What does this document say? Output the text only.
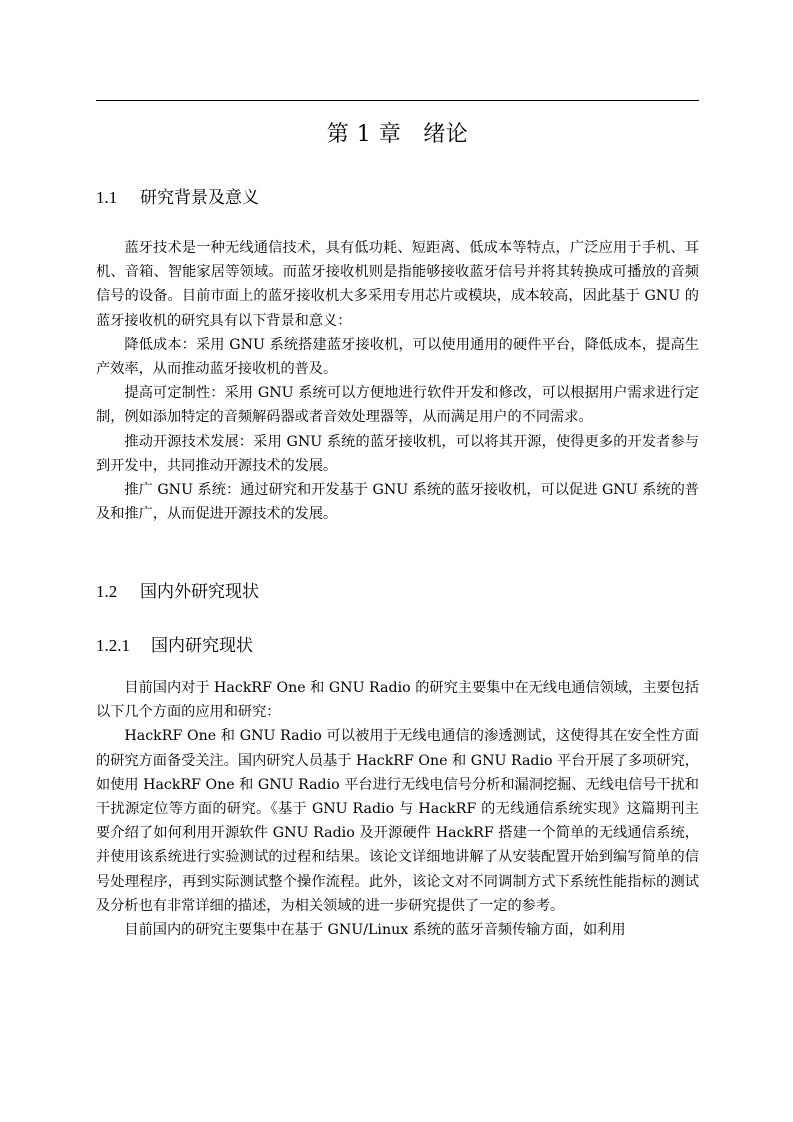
第 1 章 绪论
1.1 研究背景及意义

蓝牙技术是一种无线通信技术，具有低功耗、短距离、低成本等特点，广泛应用于手机、耳机、音箱、智能家居等领域。而蓝牙接收机则是指能够接收蓝牙信号并将其转换成可播放的音频信号的设备。目前市面上的蓝牙接收机大多采用专用芯片或模块，成本较高，因此基于 GNU 的蓝牙接收机的研究具有以下背景和意义：

降低成本：采用 GNU 系统搭建蓝牙接收机，可以使用通用的硬件平台，降低成本，提高生产效率，从而推动蓝牙接收机的普及。

提高可定制性：采用 GNU 系统可以方便地进行软件开发和修改，可以根据用户需求进行定制，例如添加特定的音频解码器或者音效处理器等，从而满足用户的不同需求。

推动开源技术发展：采用 GNU 系统的蓝牙接收机，可以将其开源，使得更多的开发者参与到开发中，共同推动开源技术的发展。

推广 GNU 系统：通过研究和开发基于 GNU 系统的蓝牙接收机，可以促进 GNU 系统的普及和推广，从而促进开源技术的发展。

1.2 国内外研究现状
1.2.1 国内研究现状

目前国内对于 HackRF One 和 GNU Radio 的研究主要集中在无线电通信领域，主要包括以下几个方面的应用和研究：

HackRF One 和 GNU Radio 可以被用于无线电通信的渗透测试，这使得其在安全性方面的研究方面备受关注。国内研究人员基于 HackRF One 和 GNU Radio 平台开展了多项研究，如使用 HackRF One 和 GNU Radio 平台进行无线电信号分析和漏洞挖掘、无线电信号干扰和干扰源定位等方面的研究。《基于 GNU Radio 与 HackRF 的无线通信系统实现》这篇期刊主要介绍了如何利用开源软件 GNU Radio 及开源硬件 HackRF 搭建一个简单的无线通信系统，并使用该系统进行实验测试的过程和结果。该论文详细地讲解了从安装配置开始到编写简单的信号处理程序，再到实际测试整个操作流程。此外，该论文对不同调制方式下系统性能指标的测试及分析也有非常详细的描述，为相关领域的进一步研究提供了一定的参考。

目前国内的研究主要集中在基于 GNU/Linux 系统的蓝牙音频传输方面，如利用
